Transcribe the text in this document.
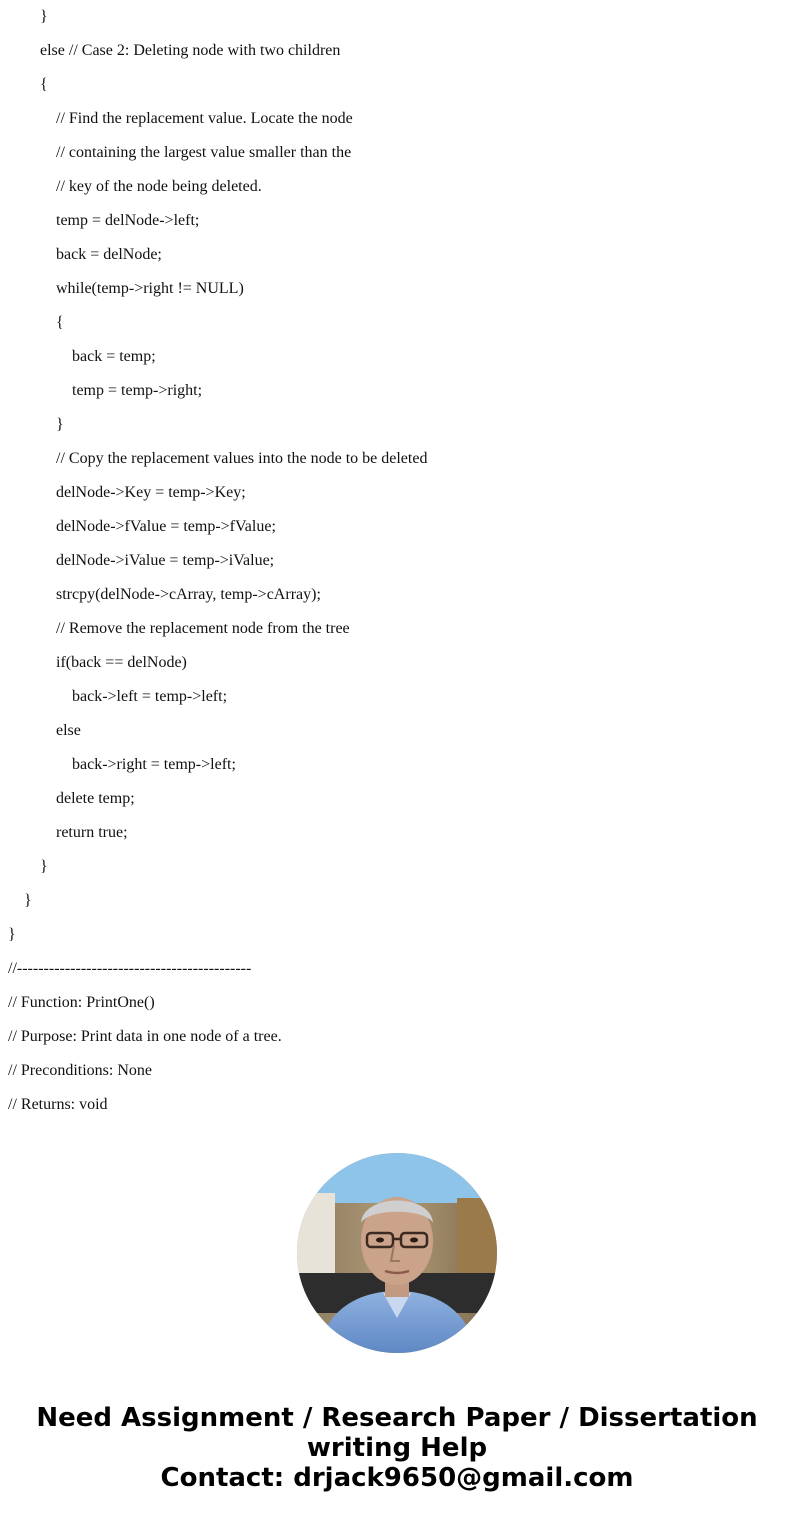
}
else // Case 2: Deleting node with two children
{
// Find the replacement value. Locate the node
// containing the largest value smaller than the
// key of the node being deleted.
temp = delNode->left;
back = delNode;
while(temp->right != NULL)
{
back = temp;
temp = temp->right;
}
// Copy the replacement values into the node to be deleted
delNode->Key = temp->Key;
delNode->fValue = temp->fValue;
delNode->iValue = temp->iValue;
strcpy(delNode->cArray, temp->cArray);
// Remove the replacement node from the tree
if(back == delNode)
back->left = temp->left;
else
back->right = temp->left;
delete temp;
return true;
}
}
}
//--------------------------------------------
// Function: PrintOne()
// Purpose: Print data in one node of a tree.
// Preconditions: None
// Returns: void
Need Assignment / Research Paper / Dissertation
writing Help
Contact: drjack9650@gmail.com
